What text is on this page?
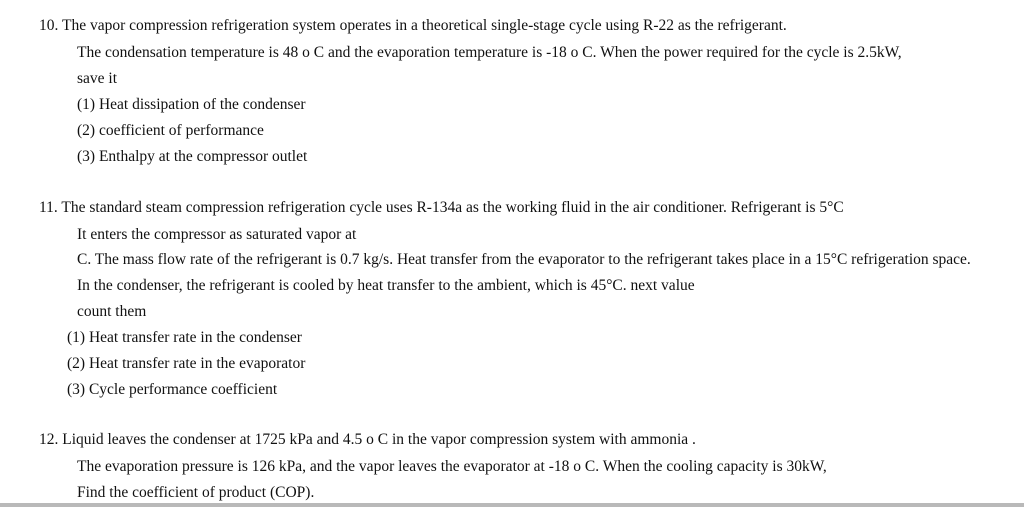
10. The vapor compression refrigeration system operates in a theoretical single-stage cycle using R-22 as the refrigerant.
The condensation temperature is 48 ο C and the evaporation temperature is -18 ο C. When the power required for the cycle is 2.5kW,
save it
(1) Heat dissipation of the condenser
(2) coefficient of performance
(3) Enthalpy at the compressor outlet
11. The standard steam compression refrigeration cycle uses R-134a as the working fluid in the air conditioner. Refrigerant is 5°C
It enters the compressor as saturated vapor at
C. The mass flow rate of the refrigerant is 0.7 kg/s. Heat transfer from the evaporator to the refrigerant takes place in a 15°C refrigeration space.
In the condenser, the refrigerant is cooled by heat transfer to the ambient, which is 45°C. next value
count them
(1) Heat transfer rate in the condenser
(2) Heat transfer rate in the evaporator
(3) Cycle performance coefficient
12. Liquid leaves the condenser at 1725 kPa and 4.5 ο C in the vapor compression system with ammonia .
The evaporation pressure is 126 kPa, and the vapor leaves the evaporator at -18 ο C. When the cooling capacity is 30kW,
Find the coefficient of product (COP).
